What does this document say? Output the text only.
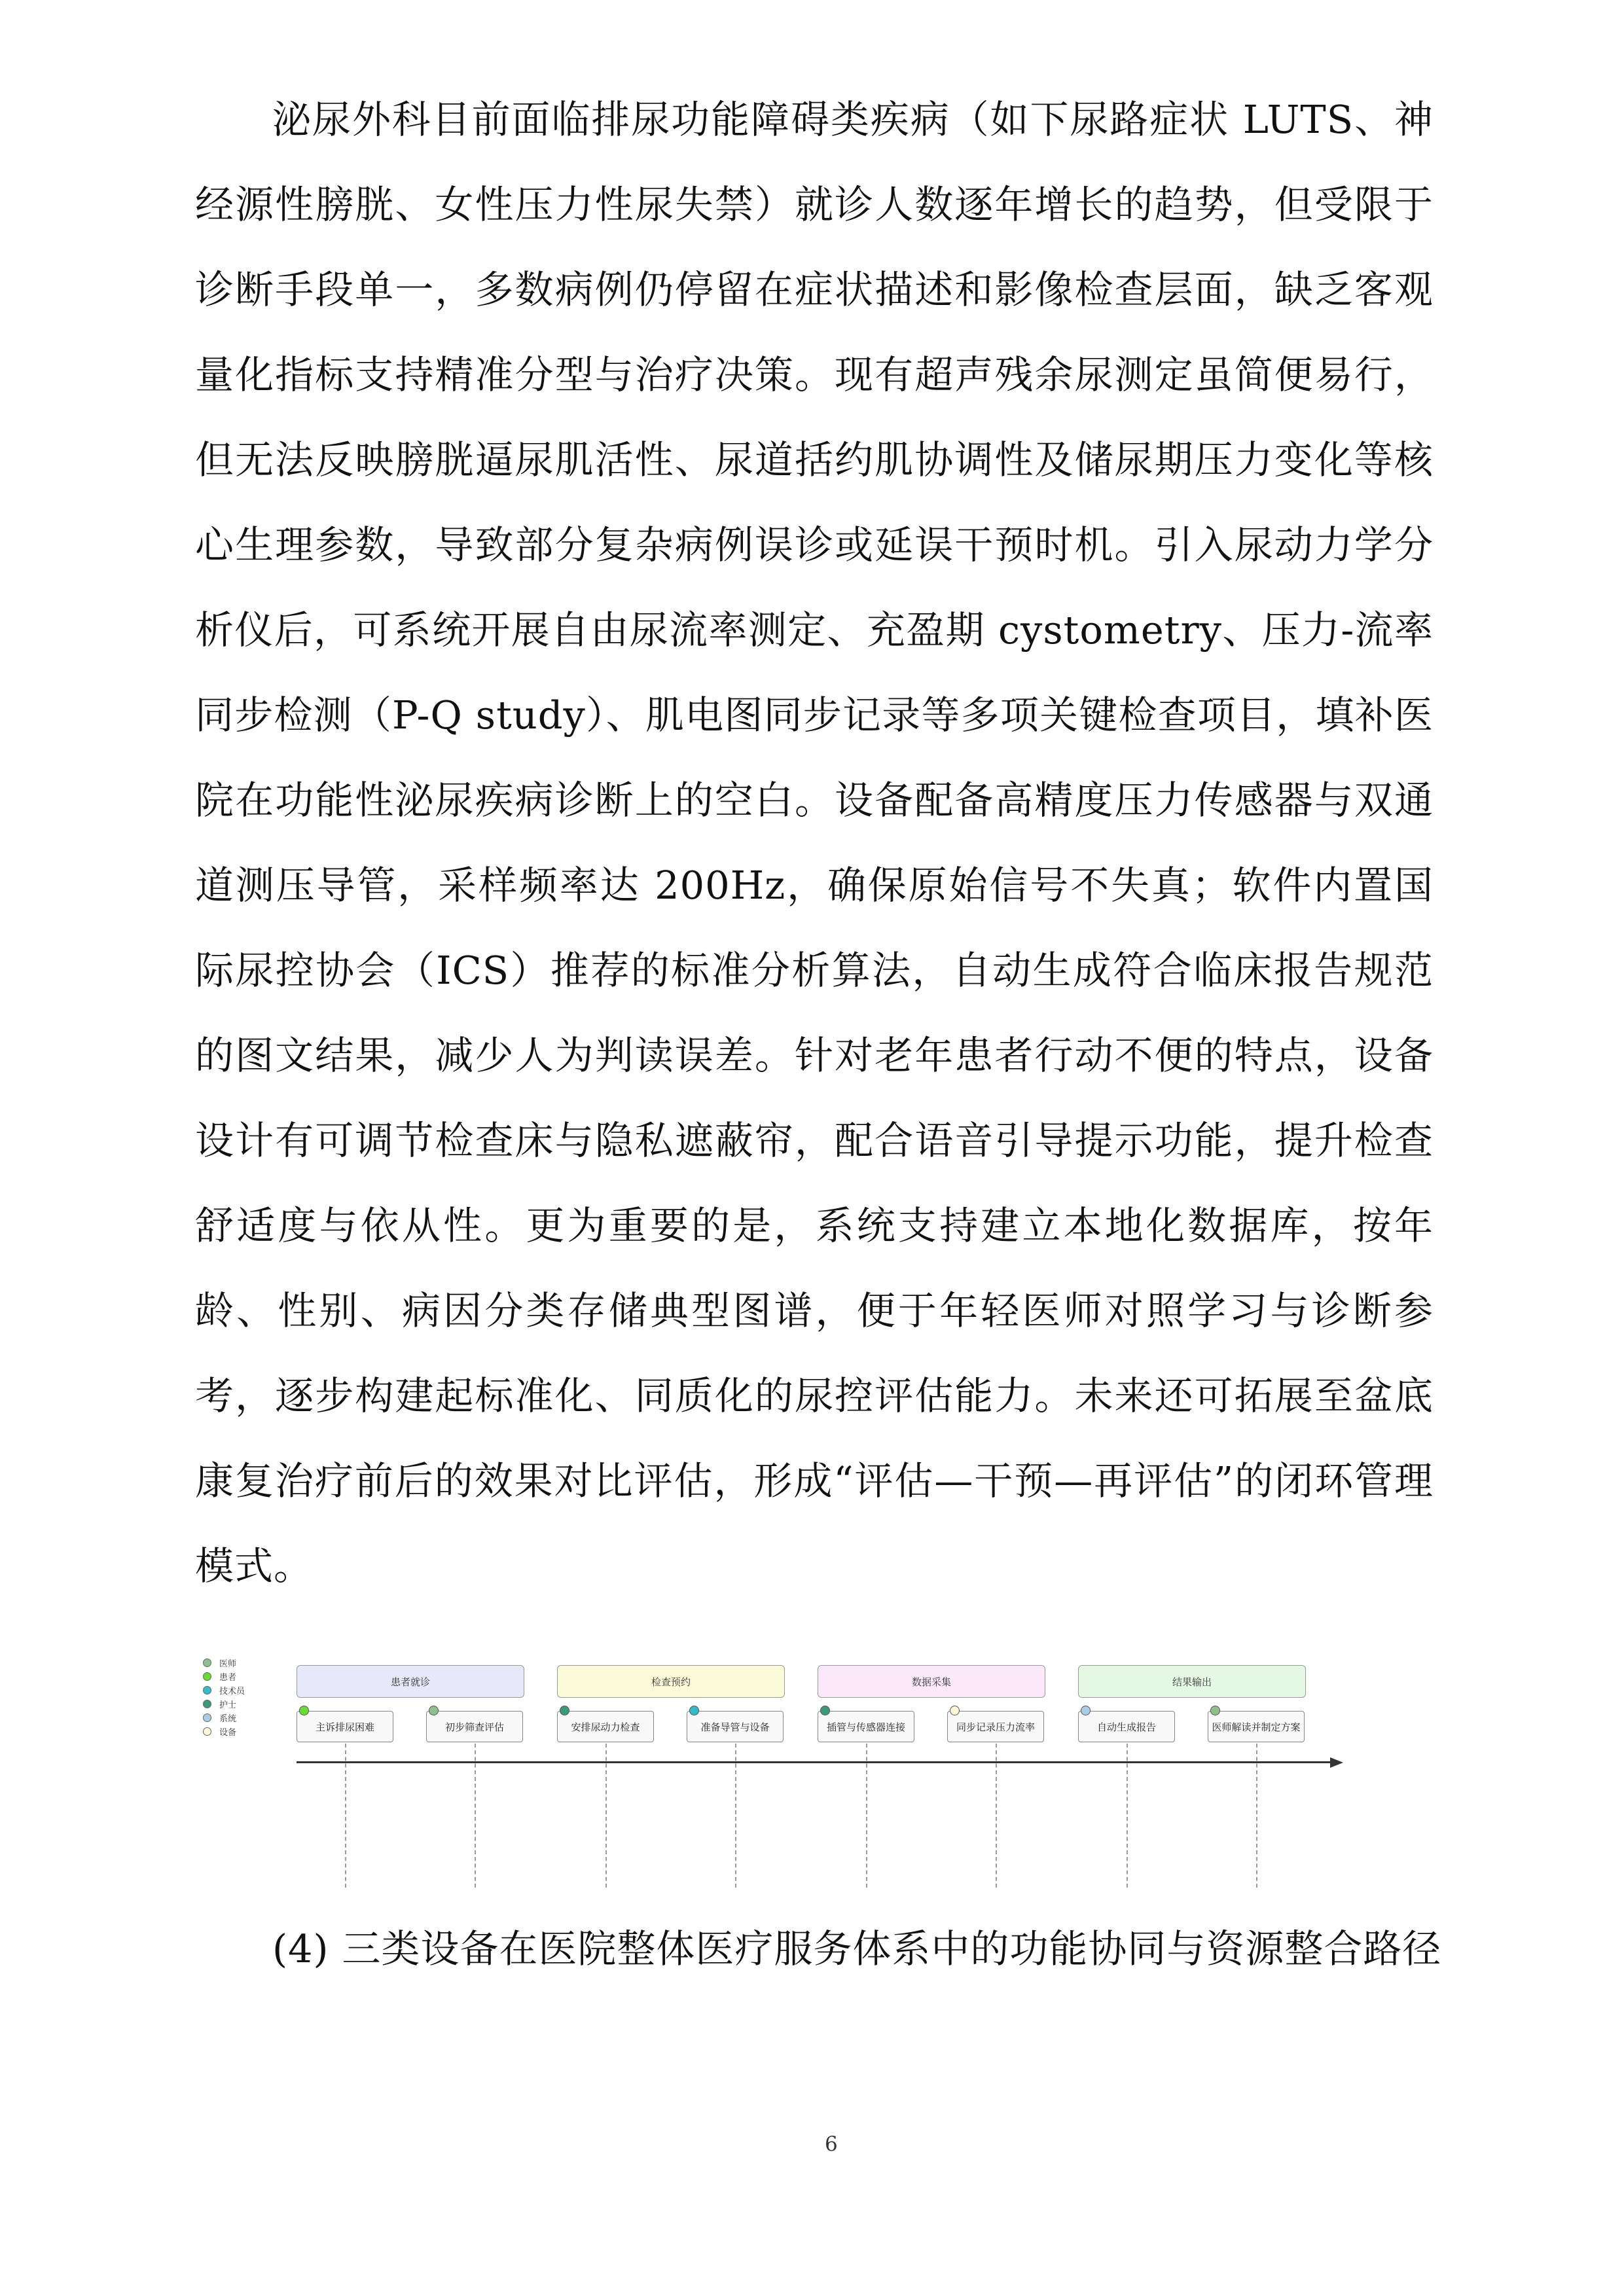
泌尿外科目前面临排尿功能障碍类疾病（如下尿路症状 LUTS、神经源性膀胱、女性压力性尿失禁）就诊人数逐年增长的趋势，但受限于诊断手段单一，多数病例仍停留在症状描述和影像检查层面，缺乏客观量化指标支持精准分型与治疗决策。现有超声残余尿测定虽简便易行，但无法反映膀胱逼尿肌活性、尿道括约肌协调性及储尿期压力变化等核心生理参数，导致部分复杂病例误诊或延误干预时机。引入尿动力学分析仪后，可系统开展自由尿流率测定、充盈期 cystometry、压力-流率同步检测（P-Q study）、肌电图同步记录等多项关键检查项目，填补医院在功能性泌尿疾病诊断上的空白。设备配备高精度压力传感器与双通道测压导管，采样频率达 200Hz，确保原始信号不失真；软件内置国际尿控协会（ICS）推荐的标准分析算法，自动生成符合临床报告规范的图文结果，减少人为判读误差。针对老年患者行动不便的特点，设备设计有可调节检查床与隐私遮蔽帘，配合语音引导提示功能，提升检查舒适度与依从性。更为重要的是，系统支持建立本地化数据库，按年龄、性别、病因分类存储典型图谱，便于年轻医师对照学习与诊断参考，逐步构建起标准化、同质化的尿控评估能力。未来还可拓展至盆底康复治疗前后的效果对比评估，形成“评估—干预—再评估”的闭环管理模式。

医师
患者
技术员
护士
系统
设备
患者就诊	检查预约	数据采集	结果输出
主诉排尿困难	初步筛查评估	安排尿动力检查	准备导管与设备	插管与传感器连接	同步记录压力流率	自动生成报告	医师解读并制定方案

(4) 三类设备在医院整体医疗服务体系中的功能协同与资源整合路径

6
